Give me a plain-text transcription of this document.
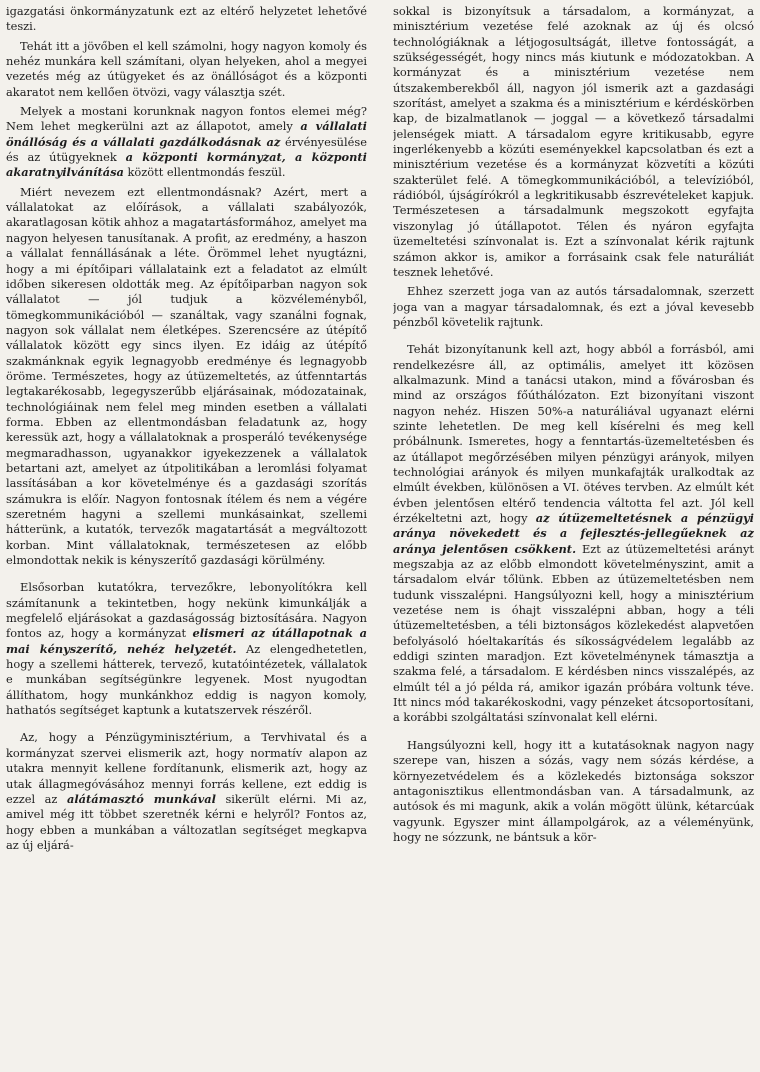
igazgatási önkormányzatunk ezt az eltérő helyzetet lehetővé teszi.

Tehát itt a jövőben el kell számolni, hogy nagyon komoly és nehéz munkára kell számítani, olyan helyeken, ahol a megyei vezetés még az útügyeket és az önállóságot és a központi akaratot nem kellően ötvözi, vagy választja szét.

Melyek a mostani korunknak nagyon fontos elemei még? Nem lehet megkerülni azt az állapotot, amely a vállalati önállóság és a vállalati gazdálkodásnak az érvényesülése és az útügyeknek a központi kormányzat, a központi akaratnyilvánítása között ellentmondás feszül.

Miért nevezem ezt ellentmondásnak? Azért, mert a vállalatokat az előírások, a vállalati szabályozók, akaratlagosan kötik ahhoz a magatartásformához, amelyet ma nagyon helyesen tanusítanak. A profit, az eredmény, a haszon a vállalat fennállásának a léte. Örömmel lehet nyugtázni, hogy a mi építőipari vállalataink ezt a feladatot az elmúlt időben sikeresen oldották meg. Az építőiparban nagyon sok vállalatot — jól tudjuk a közvéleményből, tömegkommunikációból — szanáltak, vagy szanálni fognak, nagyon sok vállalat nem életképes. Szerencsére az útépítő vállalatok között egy sincs ilyen. Ez idáig az útépítő szakmánknak egyik legnagyobb eredménye és legnagyobb öröme. Természetes, hogy az útüzemeltetés, az útfenntartás legtakarékosabb, legegyszerűbb eljárásainak, módozatainak, technológiáinak nem felel meg minden esetben a vállalati forma. Ebben az ellentmondásban feladatunk az, hogy keressük azt, hogy a vállalatoknak a prosperáló tevékenysége megmaradhasson, ugyanakkor igyekezzenek a vállalatok betartani azt, amelyet az útpolitikában a leromlási folyamat lassításában a kor követelménye és a gazdasági szorítás számukra is előír. Nagyon fontosnak ítélem és nem a végére szeretném hagyni a szellemi munkásainkat, szellemi hátterünk, a kutatók, tervezők magatartását a megváltozott korban. Mint vállalatoknak, természetesen az előbb elmondottak nekik is kényszerítő gazdasági körülmény.

Elsősorban kutatókra, tervezőkre, lebonyolítókra kell számítanunk a tekintetben, hogy nekünk kimunkálják a megfelelő eljárásokat a gazdaságosság biztosítására. Nagyon fontos az, hogy a kormányzat elismeri az útállapotnak a mai kényszerítő, nehéz helyzetét. Az elengedhetetlen, hogy a szellemi hátterek, tervező, kutatóintézetek, vállalatok e munkában segítségünkre legyenek. Most nyugodtan állíthatom, hogy munkánkhoz eddig is nagyon komoly, hathatós segítséget kaptunk a kutatszervek részéről.

Az, hogy a Pénzügyminisztérium, a Tervhivatal és a kormányzat szervei elismerik azt, hogy normatív alapon az utakra mennyit kellene fordítanunk, elismerik azt, hogy az utak állagmegóvásához mennyi forrás kellene, ezt eddig is ezzel az alátámasztó munkával sikerült elérni. Mi az, amivel még itt többet szeretnék kérni e helyről? Fontos az, hogy ebben a munkában a változatlan segítséget megkapva az új eljárá-

sokkal is bizonyítsuk a társadalom, a kormányzat, a minisztérium vezetése felé azoknak az új és olcsó technológiáknak a létjogosultságát, illetve fontosságát, a szükségességét, hogy nincs más kiutunk e módozatokban. A kormányzat és a minisztérium vezetése nem útszakemberekből áll, nagyon jól ismerik azt a gazdasági szorítást, amelyet a szakma és a minisztérium e kérdéskörben kap, de bizalmatlanok — joggal — a következő társadalmi jelenségek miatt. A társadalom egyre kritikusabb, egyre ingerlékenyebb a közúti eseményekkel kapcsolatban és ezt a minisztérium vezetése és a kormányzat közvetíti a közúti szakterület felé. A tömegkommunikációból, a televízióból, rádióból, újságírókról a legkritikusabb észrevételeket kapjuk. Természetesen a társadalmunk megszokott egyfajta viszonylag jó útállapotot. Télen és nyáron egyfajta üzemeltetési színvonalat is. Ezt a színvonalat kérik rajtunk számon akkor is, amikor a forrásaink csak fele naturáliát tesznek lehetővé.

Ehhez szerzett joga van az autós társadalomnak, szerzett joga van a magyar társadalomnak, és ezt a jóval kevesebb pénzből követelik rajtunk.

Tehát bizonyítanunk kell azt, hogy abból a forrásból, ami rendelkezésre áll, az optimális, amelyet itt közösen alkalmazunk. Mind a tanácsi utakon, mind a fővárosban és mind az országos főúthálózaton. Ezt bizonyítani viszont nagyon nehéz. Hiszen 50%-a naturáliával ugyanazt elérni szinte lehetetlen. De meg kell kísérelni és meg kell próbálnunk. Ismeretes, hogy a fenntartás-üzemeltetésben és az útállapot megőrzésében milyen pénzügyi arányok, milyen technológiai arányok és milyen munkafajták uralkodtak az elmúlt években, különösen a VI. ötéves tervben. Az elmúlt két évben jelentősen eltérő tendencia váltotta fel azt. Jól kell érzékeltetni azt, hogy az útüzemeltetésnek a pénzügyi aránya növekedett és a fejlesztés-jellegűeknek az aránya jelentősen csökkent. Ezt az útüzemeltetési arányt megszabja az az előbb elmondott követelményszint, amit a társadalom elvár tőlünk. Ebben az útüzemeltetésben nem tudunk visszalépni. Hangsúlyozni kell, hogy a minisztérium vezetése nem is óhajt visszalépni abban, hogy a téli útüzemeltetésben, a téli biztonságos közlekedést alapvetően befolyásoló hóeltakarítás és síkosságvédelem legalább az eddigi szinten maradjon. Ezt követelménynek támasztja a szakma felé, a társadalom. E kérdésben nincs visszalépés, az elmúlt tél a jó példa rá, amikor igazán próbára voltunk téve. Itt nincs mód takarékoskodni, vagy pénzeket átcsoportosítani, a korábbi szolgáltatási színvonalat kell elérni.

Hangsúlyozni kell, hogy itt a kutatásoknak nagyon nagy szerepe van, hiszen a sózás, vagy nem sózás kérdése, a környezetvédelem és a közlekedés biztonsága sokszor antagonisztikus ellentmondásban van. A társadalmunk, az autósok és mi magunk, akik a volán mögött ülünk, kétarcúak vagyunk. Egyszer mint állampolgárok, az a véleményünk, hogy ne sózzunk, ne bántsuk a kör-
